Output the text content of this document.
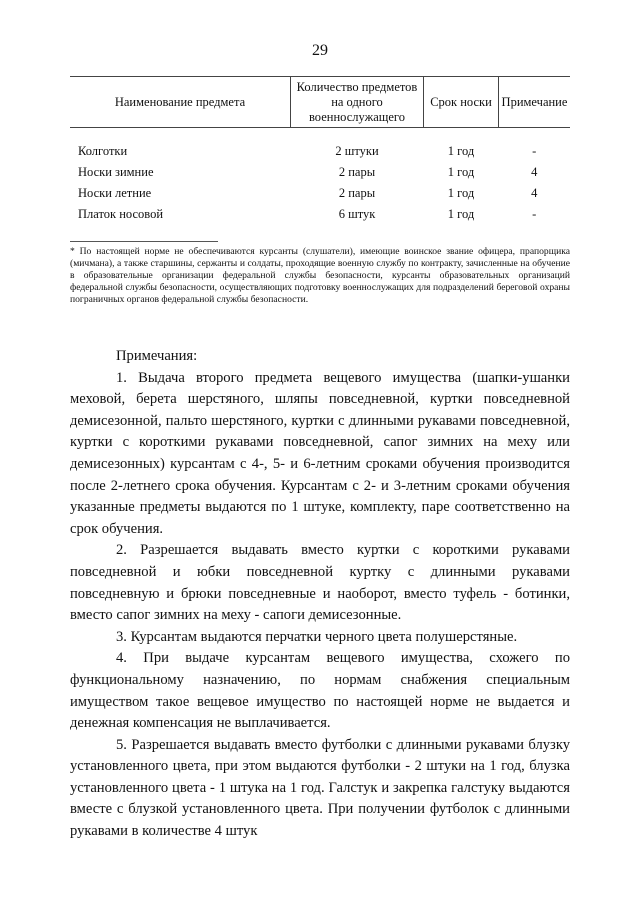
29
Наименование предмета	Количество предметов на одного военнослужащего	Срок носки	Примечание

Колготки	2 штуки	1 год	-
Носки зимние	2 пары	1 год	4
Носки летние	2 пары	1 год	4
Платок носовой	6 штук	1 год	-
* По настоящей норме не обеспечиваются курсанты (слушатели), имеющие воинское звание офицера, прапорщика (мичмана), а также старшины, сержанты и солдаты, проходящие военную службу по контракту, зачисленные на обучение в образовательные организации федеральной службы безопасности, курсанты образовательных организаций федеральной службы безопасности, осуществляющих подготовку военнослужащих для подразделений береговой охраны пограничных органов федеральной службы безопасности.

Примечания:

1. Выдача второго предмета вещевого имущества (шапки-ушанки меховой, берета шерстяного, шляпы повседневной, куртки повседневной демисезонной, пальто шерстяного, куртки с длинными рукавами повседневной, куртки с короткими рукавами повседневной, сапог зимних на меху или демисезонных) курсантам с 4-, 5- и 6-летним сроками обучения производится после 2-летнего срока обучения. Курсантам с 2- и 3-летним сроками обучения указанные предметы выдаются по 1 штуке, комплекту, паре соответственно на срок обучения.

2. Разрешается выдавать вместо куртки с короткими рукавами повседневной и юбки повседневной куртку с длинными рукавами повседневную и брюки повседневные и наоборот, вместо туфель - ботинки, вместо сапог зимних на меху - сапоги демисезонные.

3. Курсантам выдаются перчатки черного цвета полушерстяные.

4. При выдаче курсантам вещевого имущества, схожего по функциональному назначению, по нормам снабжения специальным имуществом такое вещевое имущество по настоящей норме не выдается и денежная компенсация не выплачивается.

5. Разрешается выдавать вместо футболки с длинными рукавами блузку установленного цвета, при этом выдаются футболки - 2 штуки на 1 год, блузка установленного цвета - 1 штука на 1 год. Галстук и закрепка галстуку выдаются вместе с блузкой установленного цвета. При получении футболок с длинными рукавами в количестве 4 штук
